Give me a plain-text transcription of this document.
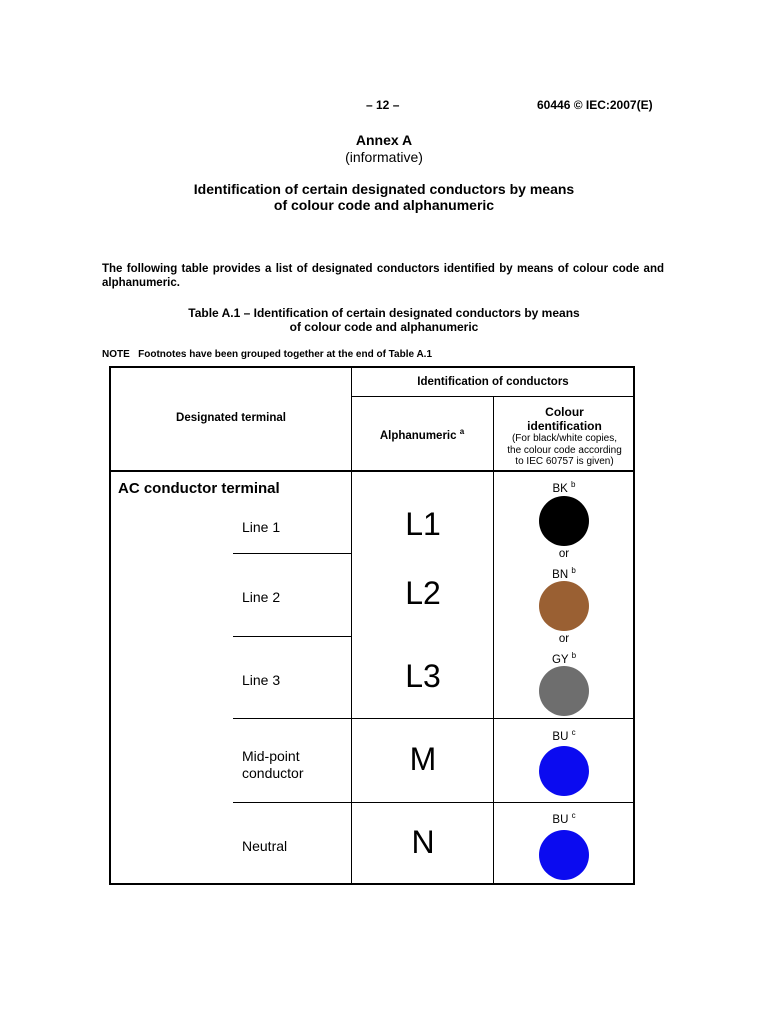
– 12 –	60446 © IEC:2007(E)
Annex A
(informative)
Identification of certain designated conductors by means
of colour code and alphanumeric
The following table provides a list of designated conductors identified by means of colour code and alphanumeric.
Table A.1 – Identification of certain designated conductors by means
of colour code and alphanumeric
NOTE   Footnotes have been grouped together at the end of Table A.1
Designated terminal
Identification of conductors
Alphanumeric $^a$
Colour
identification
(For black/white copies,
the colour code according
to IEC 60757 is given)
AC conductor terminal
Line 1
Line 2
Line 3
Mid-point
conductor
Neutral
L1
L2
L3
M
N
BK $^b$
or
BN $^b$
or
GY $^b$
BU $^c$
BU $^c$
